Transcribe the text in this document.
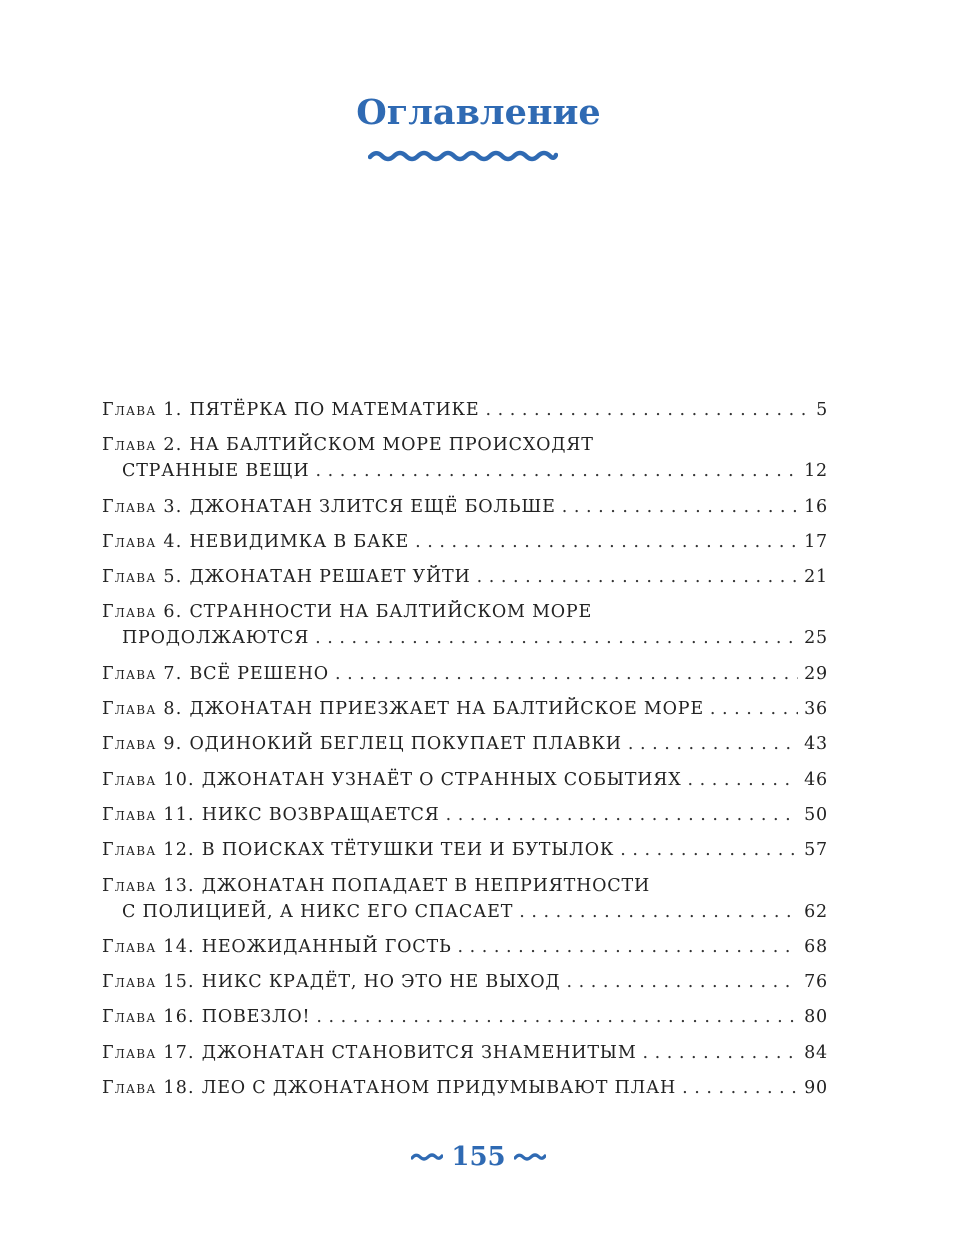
Оглавление
Глава 1. ПЯТЁРКА ПО МАТЕМАТИКЕ . . .	5
Глава 2. НА БАЛТИЙСКОМ МОРЕ ПРОИСХОДЯТ
СТРАННЫЕ ВЕЩИ . . .	12
Глава 3. ДЖОНАТАН ЗЛИТСЯ ЕЩЁ БОЛЬШЕ . . .	16
Глава 4. НЕВИДИМКА В БАКЕ . . .	17
Глава 5. ДЖОНАТАН РЕШАЕТ УЙТИ . . .	21
Глава 6. СТРАННОСТИ НА БАЛТИЙСКОМ МОРЕ
ПРОДОЛЖАЮТСЯ . . .	25
Глава 7. ВСЁ РЕШЕНО . . .	29
Глава 8. ДЖОНАТАН ПРИЕЗЖАЕТ НА БАЛТИЙСКОЕ МОРЕ . . .	36
Глава 9. ОДИНОКИЙ БЕГЛЕЦ ПОКУПАЕТ ПЛАВКИ . . .	43
Глава 10. ДЖОНАТАН УЗНАЁТ О СТРАННЫХ СОБЫТИЯХ . . .	46
Глава 11. НИКС ВОЗВРАЩАЕТСЯ . . .	50
Глава 12. В ПОИСКАХ ТЁТУШКИ ТЕИ И БУТЫЛОК . . .	57
Глава 13. ДЖОНАТАН ПОПАДАЕТ В НЕПРИЯТНОСТИ
С ПОЛИЦИЕЙ, А НИКС ЕГО СПАСАЕТ . . .	62
Глава 14. НЕОЖИДАННЫЙ ГОСТЬ . . .	68
Глава 15. НИКС КРАДЁТ, НО ЭТО НЕ ВЫХОД . . .	76
Глава 16. ПОВЕЗЛО! . . .	80
Глава 17. ДЖОНАТАН СТАНОВИТСЯ ЗНАМЕНИТЫМ . . .	84
Глава 18. ЛЕО С ДЖОНАТАНОМ ПРИДУМЫВАЮТ ПЛАН . . .	90
155
